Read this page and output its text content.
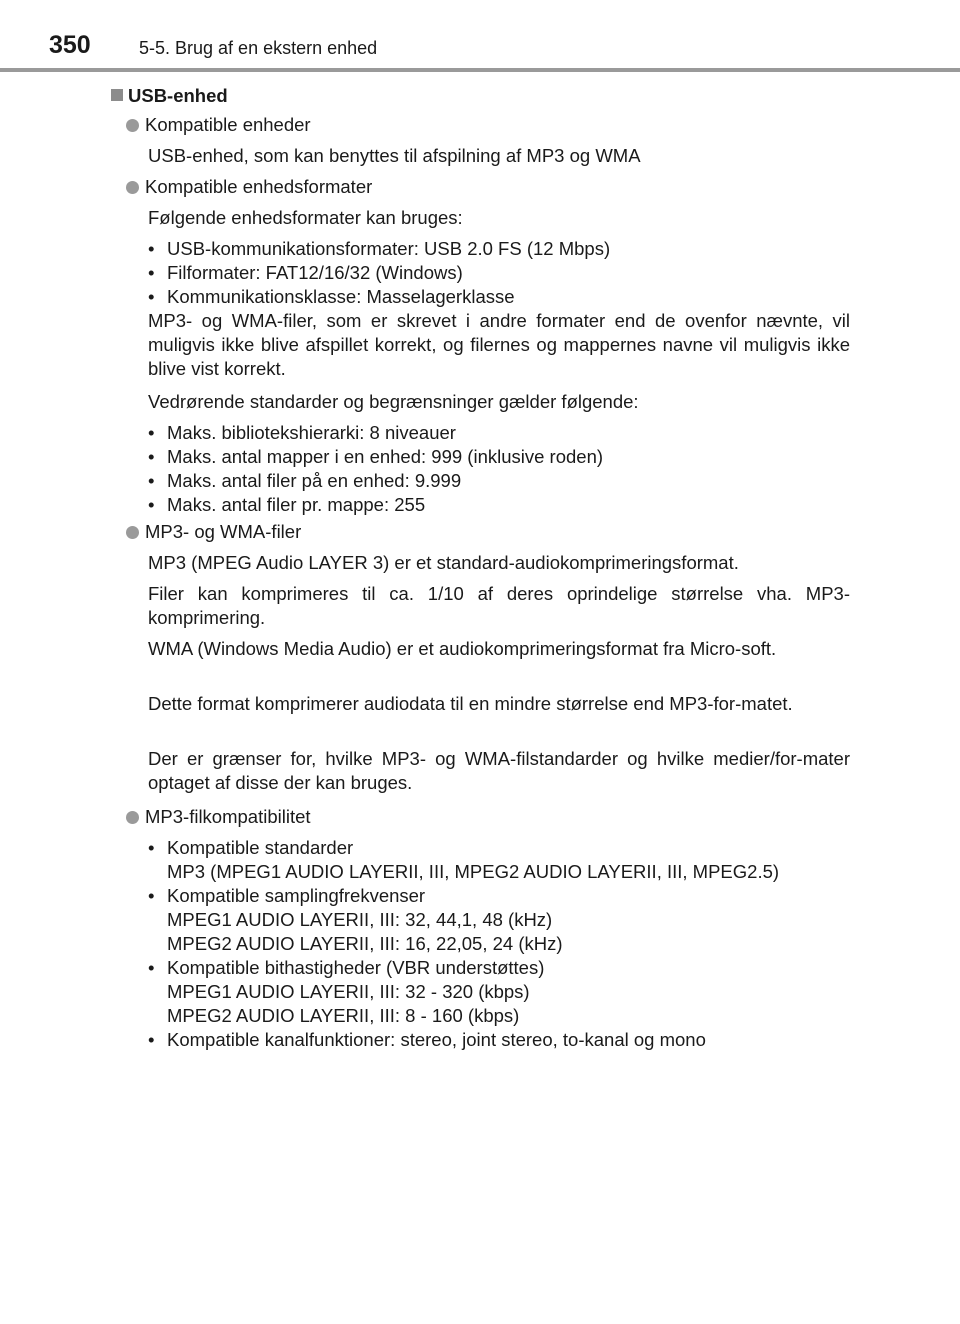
350	5-5. Brug af en ekstern enhed
USB-enhed
Kompatible enheder
USB-enhed, som kan benyttes til afspilning af MP3 og WMA
Kompatible enhedsformater
Følgende enhedsformater kan bruges:
• USB-kommunikationsformater: USB 2.0 FS (12 Mbps)
• Filformater: FAT12/16/32 (Windows)
• Kommunikationsklasse: Masselagerklasse
MP3- og WMA-filer, som er skrevet i andre formater end de ovenfor nævnte, vil muligvis ikke blive afspillet korrekt, og filernes og mappernes navne vil muligvis ikke blive vist korrekt.
Vedrørende standarder og begrænsninger gælder følgende:
• Maks. bibliotekshierarki: 8 niveauer
• Maks. antal mapper i en enhed: 999 (inklusive roden)
• Maks. antal filer på en enhed: 9.999
• Maks. antal filer pr. mappe: 255
MP3- og WMA-filer
MP3 (MPEG Audio LAYER 3) er et standard-audiokomprimeringsformat.
Filer kan komprimeres til ca. 1/10 af deres oprindelige størrelse vha. MP3-komprimering.
WMA (Windows Media Audio) er et audiokomprimeringsformat fra Micro-soft.
Dette format komprimerer audiodata til en mindre størrelse end MP3-for-matet.
Der er grænser for, hvilke MP3- og WMA-filstandarder og hvilke medier/for-mater optaget af disse der kan bruges.
MP3-filkompatibilitet
• Kompatible standarder
MP3 (MPEG1 AUDIO LAYERII, III, MPEG2 AUDIO LAYERII, III, MPEG2.5)
• Kompatible samplingfrekvenser
MPEG1 AUDIO LAYERII, III: 32, 44,1, 48 (kHz)
MPEG2 AUDIO LAYERII, III: 16, 22,05, 24 (kHz)
• Kompatible bithastigheder (VBR understøttes)
MPEG1 AUDIO LAYERII, III: 32 - 320 (kbps)
MPEG2 AUDIO LAYERII, III: 8 - 160 (kbps)
• Kompatible kanalfunktioner: stereo, joint stereo, to-kanal og mono
